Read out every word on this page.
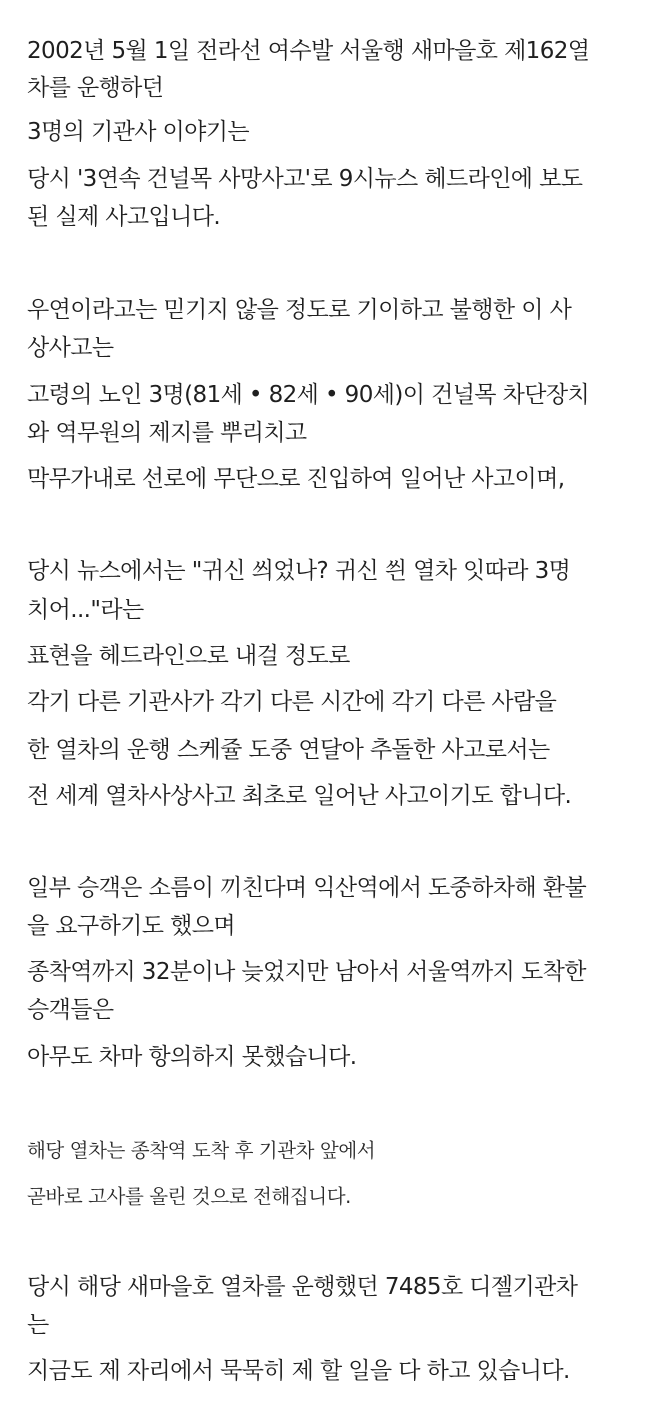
2002년 5월 1일 전라선 여수발 서울행 새마을호 제162열
차를 운행하던
3명의 기관사 이야기는
당시 '3연속 건널목 사망사고'로 9시뉴스 헤드라인에 보도
된 실제 사고입니다.
우연이라고는 믿기지 않을 정도로 기이하고 불행한 이 사
상사고는
고령의 노인 3명(81세 • 82세 • 90세)이 건널목 차단장치
와 역무원의 제지를 뿌리치고
막무가내로 선로에 무단으로 진입하여 일어난 사고이며,
당시 뉴스에서는 "귀신 씌었나? 귀신 씐 열차 잇따라 3명
치어..."라는
표현을 헤드라인으로 내걸 정도로
각기 다른 기관사가 각기 다른 시간에 각기 다른 사람을
한 열차의 운행 스케쥴 도중 연달아 추돌한 사고로서는
전 세계 열차사상사고 최초로 일어난 사고이기도 합니다.
일부 승객은 소름이 끼친다며 익산역에서 도중하차해 환불
을 요구하기도 했으며
종착역까지 32분이나 늦었지만 남아서 서울역까지 도착한
승객들은
아무도 차마 항의하지 못했습니다.
해당 열차는 종착역 도착 후 기관차 앞에서
곧바로 고사를 올린 것으로 전해집니다.
당시 해당 새마을호 열차를 운행했던 7485호 디젤기관차
는
지금도 제 자리에서 묵묵히 제 할 일을 다 하고 있습니다.
